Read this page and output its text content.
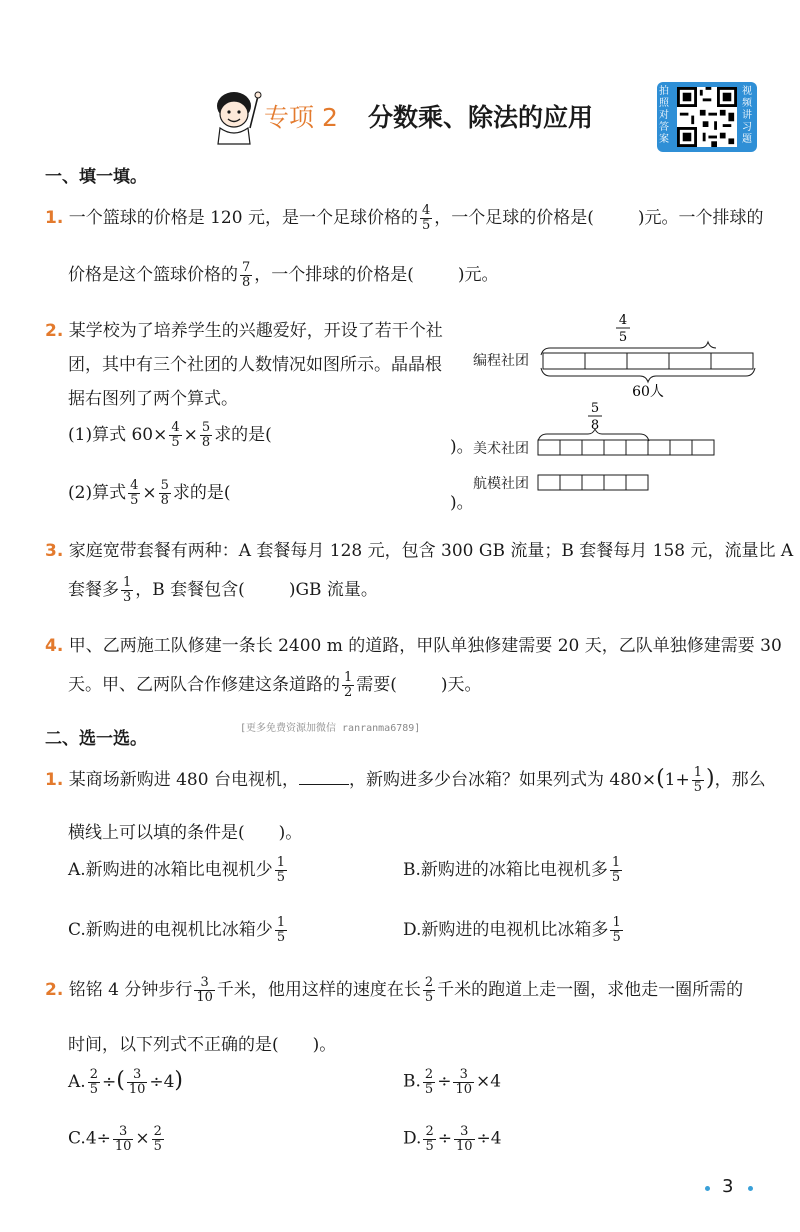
专项 2 分数乘、除法的应用
拍照对答案
视频讲习题
一、填一填。
1. 一个篮球的价格是 120 元，是一个足球价格的 $\frac{4}{5}$ ，一个足球的价格是(	)元。一个排球的
价格是这个篮球价格的 $\frac{7}{8}$ ，一个排球的价格是(	)元。
2. 某学校为了培养学生的兴趣爱好，开设了若干个社
团，其中有三个社团的人数情况如图所示。晶晶根
据右图列了两个算式。
(1)算式 $60\times \frac{4}{5} \times \frac{5}{8}$ 求的是(
)。
(2)算式 $\frac{4}{5} \times \frac{5}{8}$ 求的是(	)。
编程社团
4
5
60人
5
8
美术社团
航模社团
3. 家庭宽带套餐有两种：A 套餐每月 128 元，包含 300 GB 流量；B 套餐每月 158 元，流量比 A
套餐多 $\frac{1}{3}$ ，B 套餐包含(	)GB 流量。
4. 甲、乙两施工队修建一条长 2400 m 的道路，甲队单独修建需要 20 天，乙队单独修建需要 30
天。甲、乙两队合作修建这条道路的 $\frac{1}{2}$ 需要(	)天。
二、选一选。
[更多免费资源加微信 ranranma6789]
1. 某商场新购进 480 台电视机，	，新购进多少台冰箱？如果列式为 $480\times(1+ \frac{1}{5}$ )，那么
横线上可以填的条件是(　　)。
A.新购进的冰箱比电视机少 $\frac{1}{5}$	B.新购进的冰箱比电视机多 $\frac{1}{5}$
C.新购进的电视机比冰箱少 $\frac{1}{5}$	D.新购进的电视机比冰箱多 $\frac{1}{5}$
2. 铭铭 4 分钟步行 $\frac{3}{10}$ 千米，他用这样的速度在长 $\frac{2}{5}$ 千米的跑道上走一圈，求他走一圈所需的
时间，以下列式不正确的是(　　)。
A. $\frac{2}{5}$ ÷( $\frac{3}{10} \div 4$)	B. $\frac{2}{5} \div \frac{3}{10} \times 4$
$C.4\div \frac{3}{10} \times \frac{2}{5}$	D. $\frac{2}{5} \div \frac{3}{10} \div 4$
3
